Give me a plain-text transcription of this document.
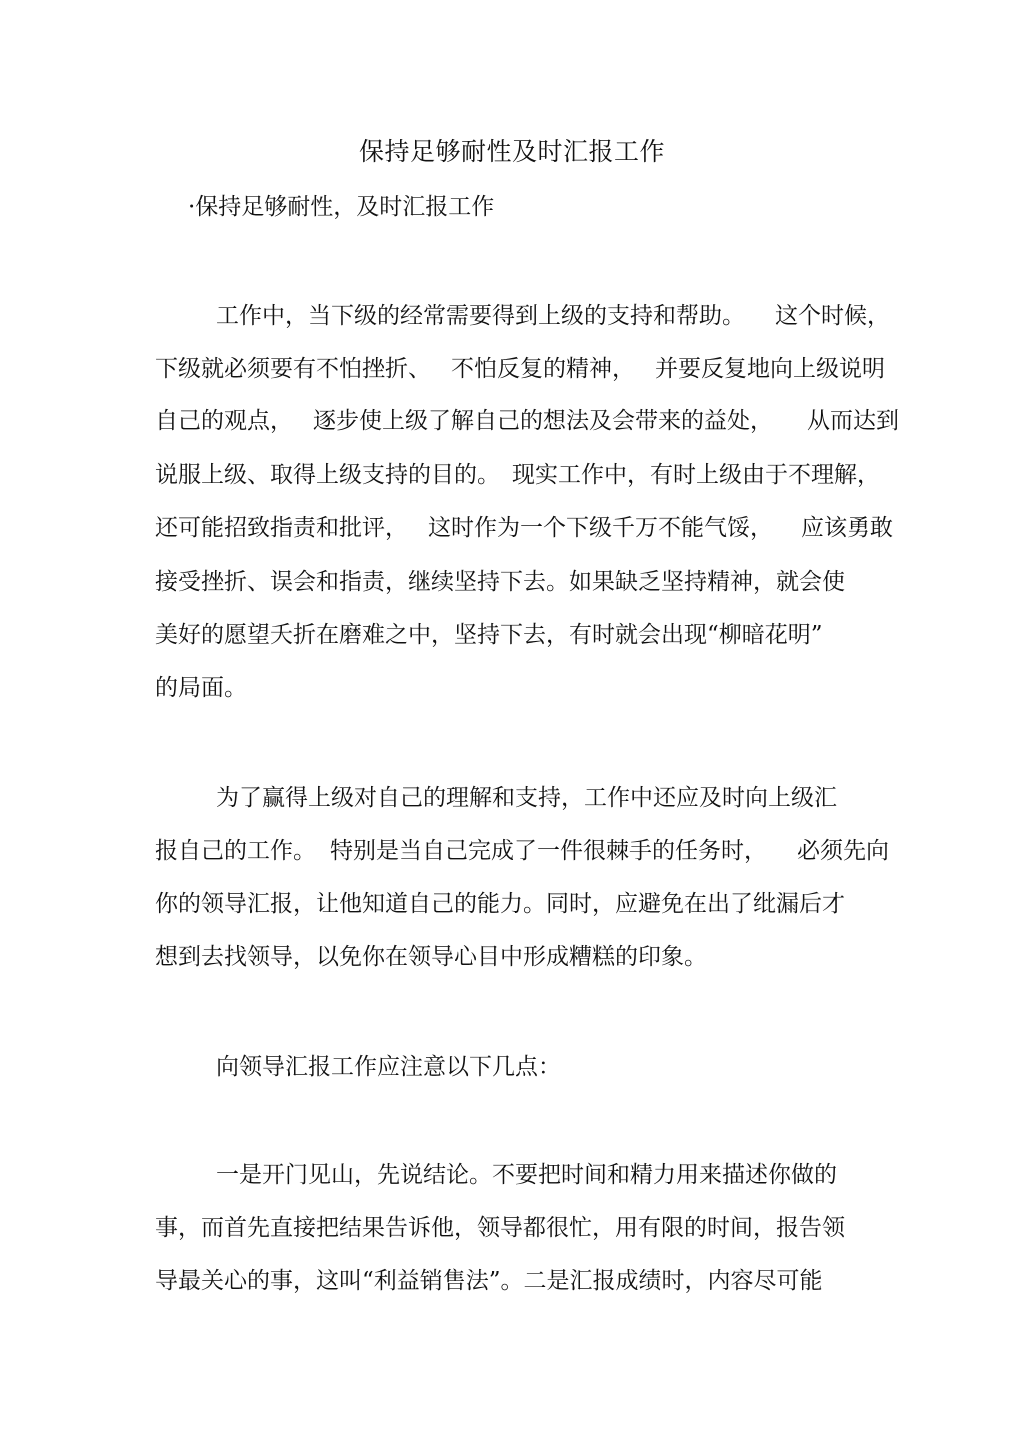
保持足够耐性及时汇报工作
·保持足够耐性，及时汇报工作
工作中，当下级的经常需要得到上级的支持和帮助。 这个时候，
下级就必须要有不怕挫折、 不怕反复的精神， 并要反复地向上级说明
自己的观点， 逐步使上级了解自己的想法及会带来的益处， 从而达到
说服上级、取得上级支持的目的。 现实工作中，有时上级由于不理解，
还可能招致指责和批评， 这时作为一个下级千万不能气馁， 应该勇敢
接受挫折、误会和指责，继续坚持下去。如果缺乏坚持精神，就会使
美好的愿望夭折在磨难之中，坚持下去，有时就会出现“柳暗花明”
的局面。
为了赢得上级对自己的理解和支持，工作中还应及时向上级汇
报自己的工作。 特别是当自己完成了一件很棘手的任务时， 必须先向
你的领导汇报，让他知道自己的能力。同时，应避免在出了纰漏后才
想到去找领导，以免你在领导心目中形成糟糕的印象。
向领导汇报工作应注意以下几点：
一是开门见山，先说结论。不要把时间和精力用来描述你做的
事，而首先直接把结果告诉他，领导都很忙，用有限的时间，报告领
导最关心的事，这叫“利益销售法”。二是汇报成绩时，内容尽可能
